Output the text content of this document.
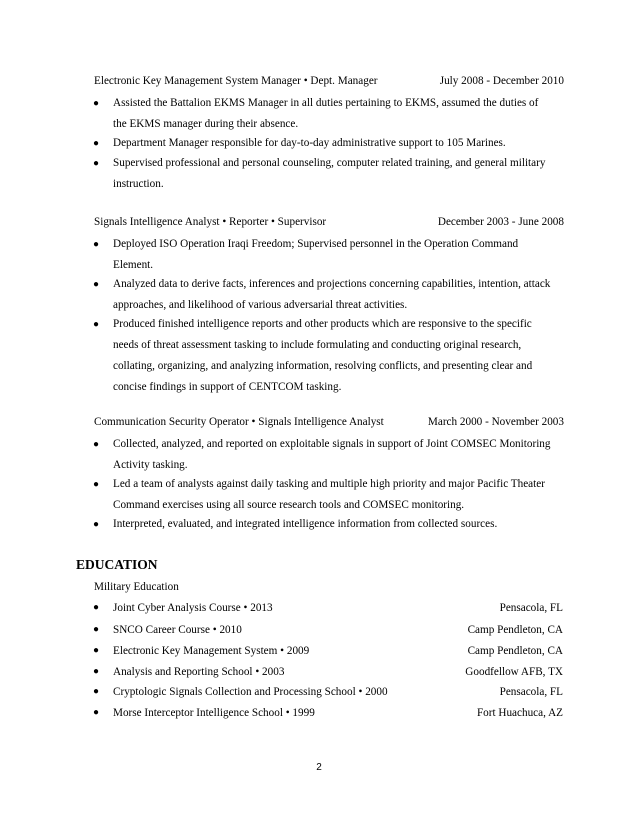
Electronic Key Management System Manager • Dept. Manager	July 2008 - December 2010
●	Assisted the Battalion EKMS Manager in all duties pertaining to EKMS, assumed the duties of
the EKMS manager during their absence.
●	Department Manager responsible for day-to-day administrative support to 105 Marines.
●	Supervised professional and personal counseling, computer related training, and general military
instruction.
Signals Intelligence Analyst • Reporter • Supervisor	December 2003 - June 2008
●	Deployed ISO Operation Iraqi Freedom; Supervised personnel in the Operation Command
Element.
●	Analyzed data to derive facts, inferences and projections concerning capabilities, intention, attack
approaches, and likelihood of various adversarial threat activities.
●	Produced finished intelligence reports and other products which are responsive to the specific
needs of threat assessment tasking to include formulating and conducting original research,
collating, organizing, and analyzing information, resolving conflicts, and presenting clear and
concise findings in support of CENTCOM tasking.
Communication Security Operator • Signals Intelligence Analyst	March 2000 - November 2003
●	Collected, analyzed, and reported on exploitable signals in support of Joint COMSEC Monitoring
Activity tasking.
●	Led a team of analysts against daily tasking and multiple high priority and major Pacific Theater
Command exercises using all source research tools and COMSEC monitoring.
●	Interpreted, evaluated, and integrated intelligence information from collected sources.
EDUCATION
Military Education
● Joint Cyber Analysis Course • 2013	Pensacola, FL
● SNCO Career Course • 2010	Camp Pendleton, CA
● Electronic Key Management System • 2009	Camp Pendleton, CA
● Analysis and Reporting School • 2003	Goodfellow AFB, TX
● Cryptologic Signals Collection and Processing School • 2000	Pensacola, FL
● Morse Interceptor Intelligence School • 1999	Fort Huachuca, AZ
2
